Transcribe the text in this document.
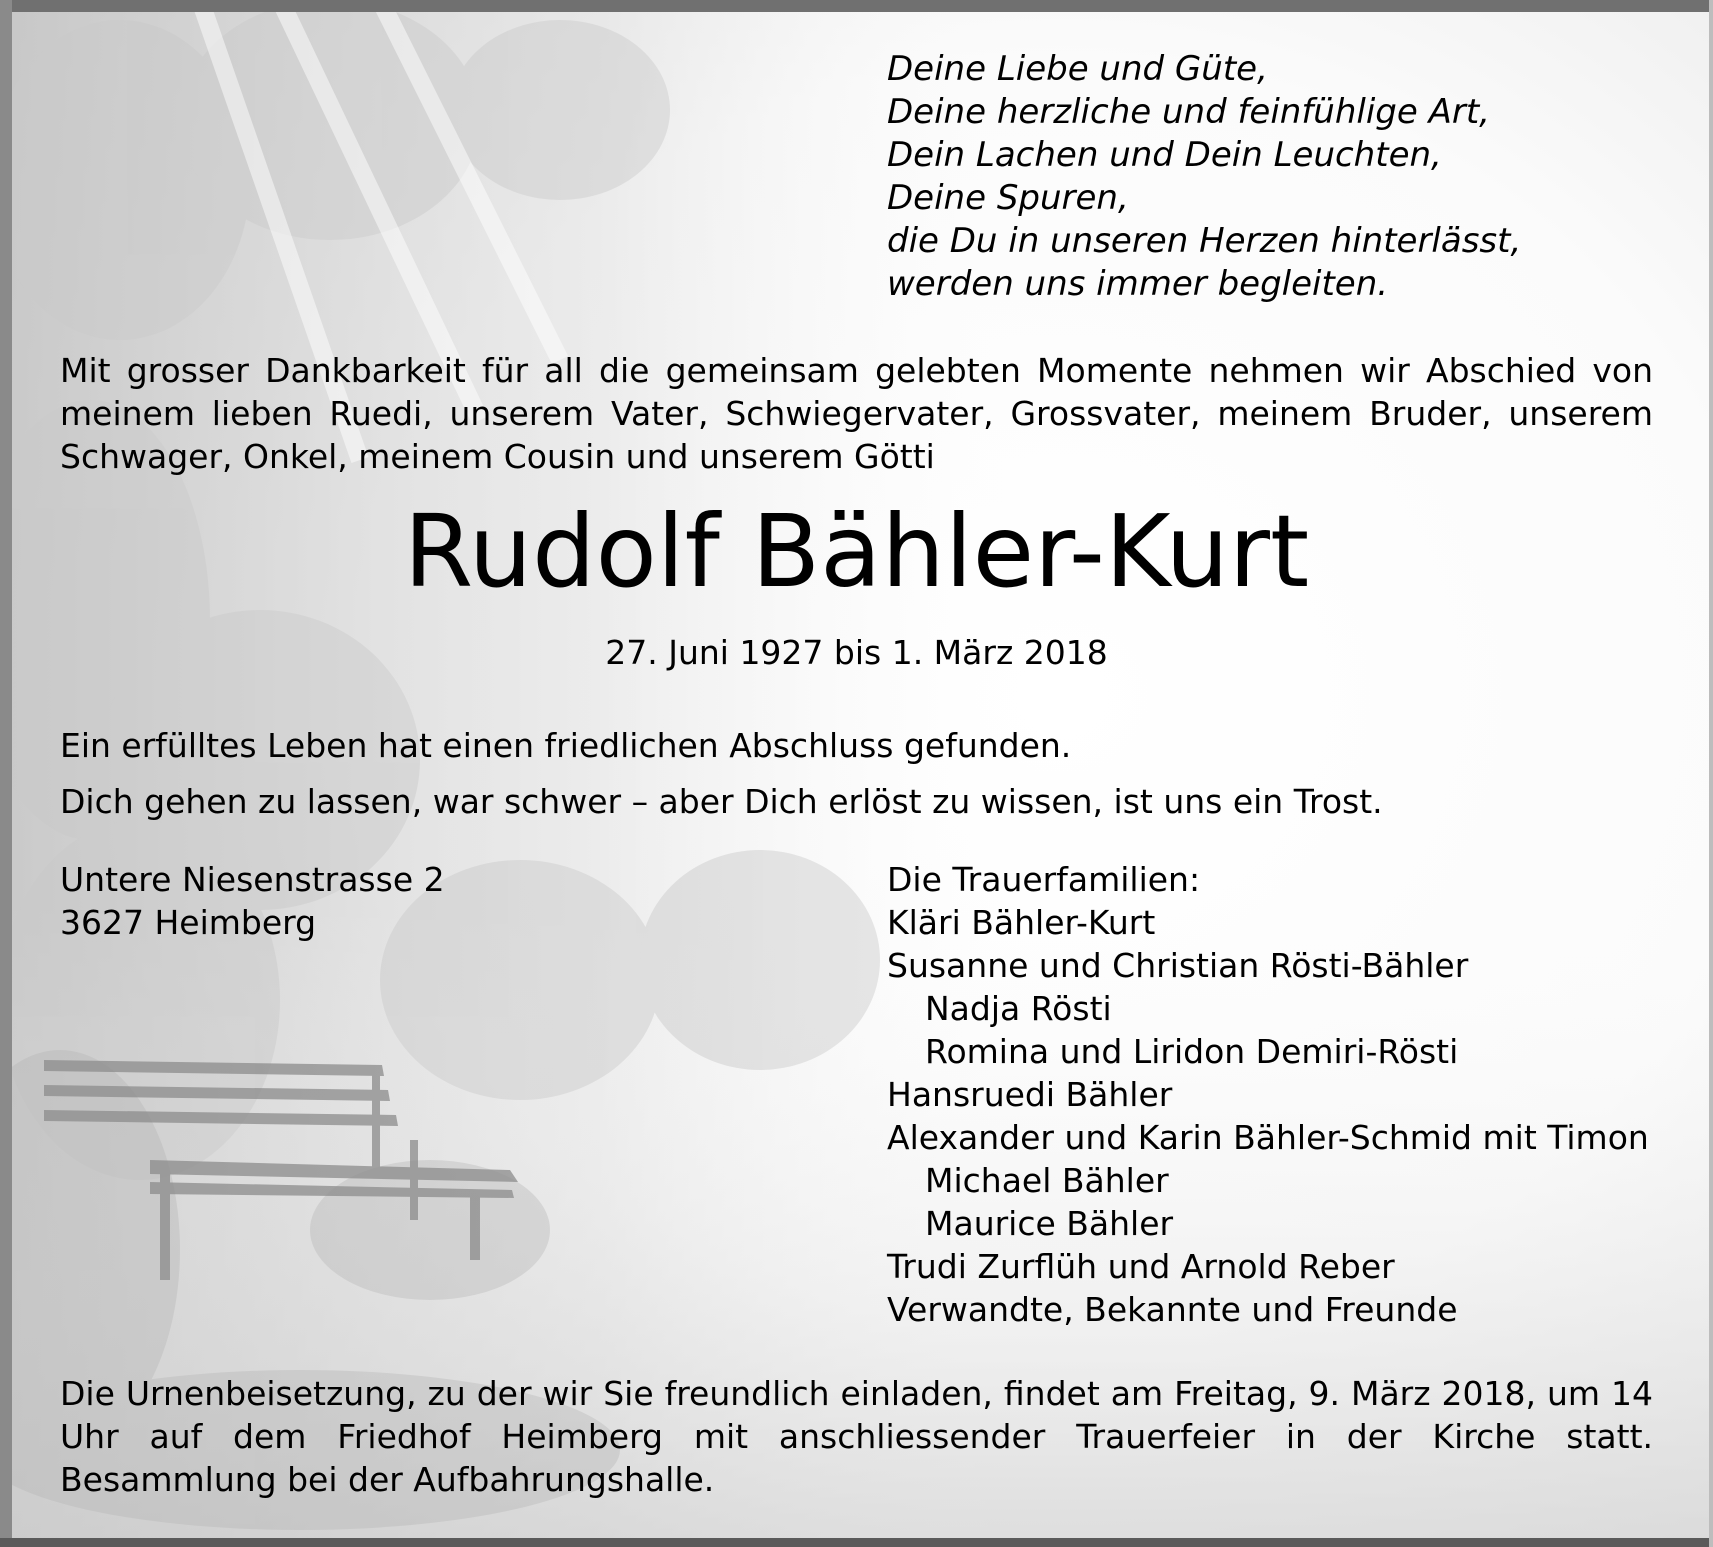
Deine Liebe und Güte,
Deine herzliche und feinfühlige Art,
Dein Lachen und Dein Leuchten,
Deine Spuren,
die Du in unseren Herzen hinterlässt,
werden uns immer begleiten.
Mit grosser Dankbarkeit für all die gemeinsam gelebten Momente nehmen wir Abschied von meinem lieben Ruedi, unserem Vater, Schwiegervater, Grossvater, meinem Bruder, unserem Schwager, Onkel, meinem Cousin und unserem Götti
Rudolf Bähler-Kurt
27. Juni 1927 bis 1. März 2018
Ein erfülltes Leben hat einen friedlichen Abschluss gefunden.
Dich gehen zu lassen, war schwer – aber Dich erlöst zu wissen, ist uns ein Trost.
Untere Niesenstrasse 2
3627 Heimberg
Die Trauerfamilien:
Kläri Bähler-Kurt
Susanne und Christian Rösti-Bähler
Nadja Rösti
Romina und Liridon Demiri-Rösti
Hansruedi Bähler
Alexander und Karin Bähler-Schmid mit Timon
Michael Bähler
Maurice Bähler
Trudi Zurflüh und Arnold Reber
Verwandte, Bekannte und Freunde
Die Urnenbeisetzung, zu der wir Sie freundlich einladen, findet am Freitag, 9. März 2018, um 14 Uhr auf dem Friedhof Heimberg mit anschliessender Trauerfeier in der Kirche statt. Besammlung bei der Aufbahrungshalle.
